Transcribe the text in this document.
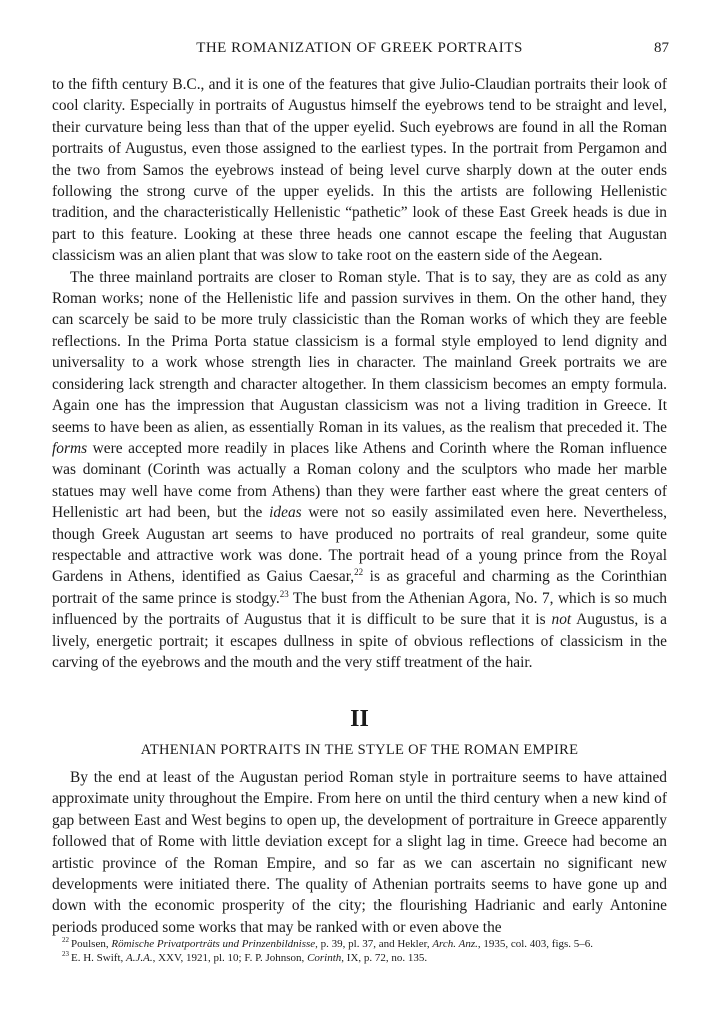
THE ROMANIZATION OF GREEK PORTRAITS	87

to the fifth century B.C., and it is one of the features that give Julio-Claudian portraits their look of cool clarity. Especially in portraits of Augustus himself the eyebrows tend to be straight and level, their curvature being less than that of the upper eyelid. Such eyebrows are found in all the Roman portraits of Augustus, even those assigned to the earliest types. In the portrait from Pergamon and the two from Samos the eyebrows instead of being level curve sharply down at the outer ends following the strong curve of the upper eyelids. In this the artists are following Hellenistic tradition, and the characteristically Hellenistic “pathetic” look of these East Greek heads is due in part to this feature. Looking at these three heads one cannot escape the feeling that Augustan classicism was an alien plant that was slow to take root on the eastern side of the Aegean.

The three mainland portraits are closer to Roman style. That is to say, they are as cold as any Roman works; none of the Hellenistic life and passion survives in them. On the other hand, they can scarcely be said to be more truly classicistic than the Roman works of which they are feeble reflections. In the Prima Porta statue classicism is a formal style employed to lend dignity and universality to a work whose strength lies in character. The mainland Greek portraits we are considering lack strength and character altogether. In them classicism becomes an empty formula. Again one has the impression that Augustan classicism was not a living tradition in Greece. It seems to have been as alien, as essentially Roman in its values, as the realism that preceded it. The forms were accepted more readily in places like Athens and Corinth where the Roman influence was dominant (Corinth was actually a Roman colony and the sculptors who made her marble statues may well have come from Athens) than they were farther east where the great centers of Hellenistic art had been, but the ideas were not so easily assimilated even here. Nevertheless, though Greek Augustan art seems to have produced no portraits of real grandeur, some quite respectable and attractive work was done. The portrait head of a young prince from the Royal Gardens in Athens, identified as Gaius Caesar,$^{22}$ is as graceful and charming as the Corinthian portrait of the same prince is stodgy.$^{23}$ The bust from the Athenian Agora, No. 7, which is so much influenced by the portraits of Augustus that it is difficult to be sure that it is not Augustus, is a lively, energetic portrait; it escapes dullness in spite of obvious reflections of classicism in the carving of the eyebrows and the mouth and the very stiff treatment of the hair.

II
ATHENIAN PORTRAITS IN THE STYLE OF THE ROMAN EMPIRE

By the end at least of the Augustan period Roman style in portraiture seems to have attained approximate unity throughout the Empire. From here on until the third century when a new kind of gap between East and West begins to open up, the development of portraiture in Greece apparently followed that of Rome with little deviation except for a slight lag in time. Greece had become an artistic province of the Roman Empire, and so far as we can ascertain no significant new developments were initiated there. The quality of Athenian portraits seems to have gone up and down with the economic prosperity of the city; the flourishing Hadrianic and early Antonine periods produced some works that may be ranked with or even above the

$^{22}$ Poulsen, Römische Privatporträts und Prinzenbildnisse, p. 39, pl. 37, and Hekler, Arch. Anz., 1935, col. 403, figs. 5–6.
$^{23}$ E. H. Swift, A.J.A., XXV, 1921, pl. 10; F. P. Johnson, Corinth, IX, p. 72, no. 135.
